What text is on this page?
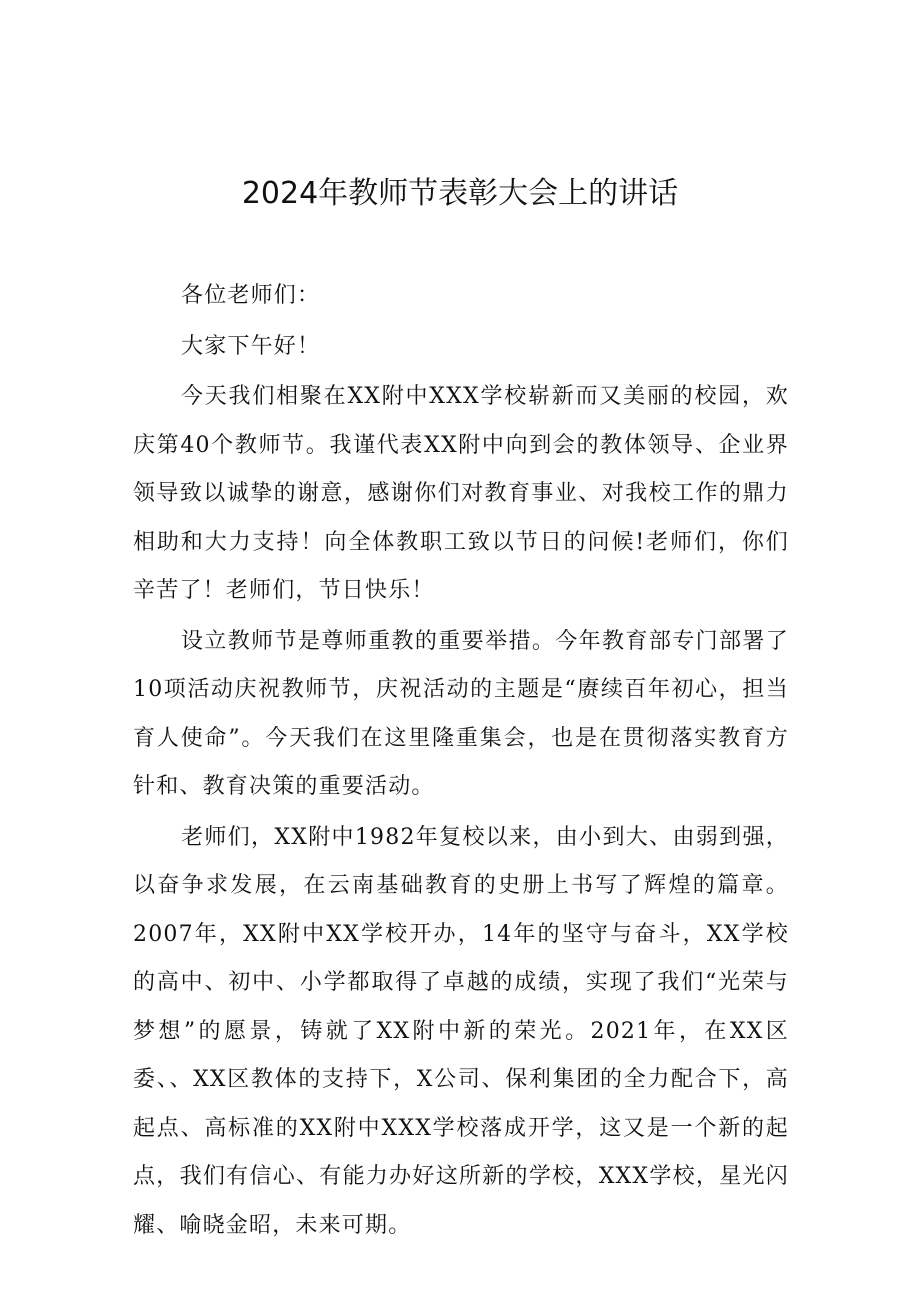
2024年教师节表彰大会上的讲话

各位老师们：

大家下午好！

今天我们相聚在XX附中XXX学校崭新而又美丽的校园，欢庆第40个教师节。我谨代表XX附中向到会的教体领导、企业界领导致以诚挚的谢意，感谢你们对教育事业、对我校工作的鼎力相助和大力支持！向全体教职工致以节日的问候!老师们，你们辛苦了！老师们，节日快乐！

设立教师节是尊师重教的重要举措。今年教育部专门部署了10项活动庆祝教师节，庆祝活动的主题是“赓续百年初心，担当育人使命”。今天我们在这里隆重集会，也是在贯彻落实教育方针和、教育决策的重要活动。

老师们，XX附中1982年复校以来，由小到大、由弱到强，以奋争求发展，在云南基础教育的史册上书写了辉煌的篇章。2007年，XX附中XX学校开办，14年的坚守与奋斗，XX学校的高中、初中、小学都取得了卓越的成绩，实现了我们“光荣与梦想”的愿景，铸就了XX附中新的荣光。2021年，在XX区委、、XX区教体的支持下，X公司、保利集团的全力配合下，高起点、高标准的XX附中XXX学校落成开学，这又是一个新的起点，我们有信心、有能力办好这所新的学校，XXX学校，星光闪耀、喻晓金昭，未来可期。
